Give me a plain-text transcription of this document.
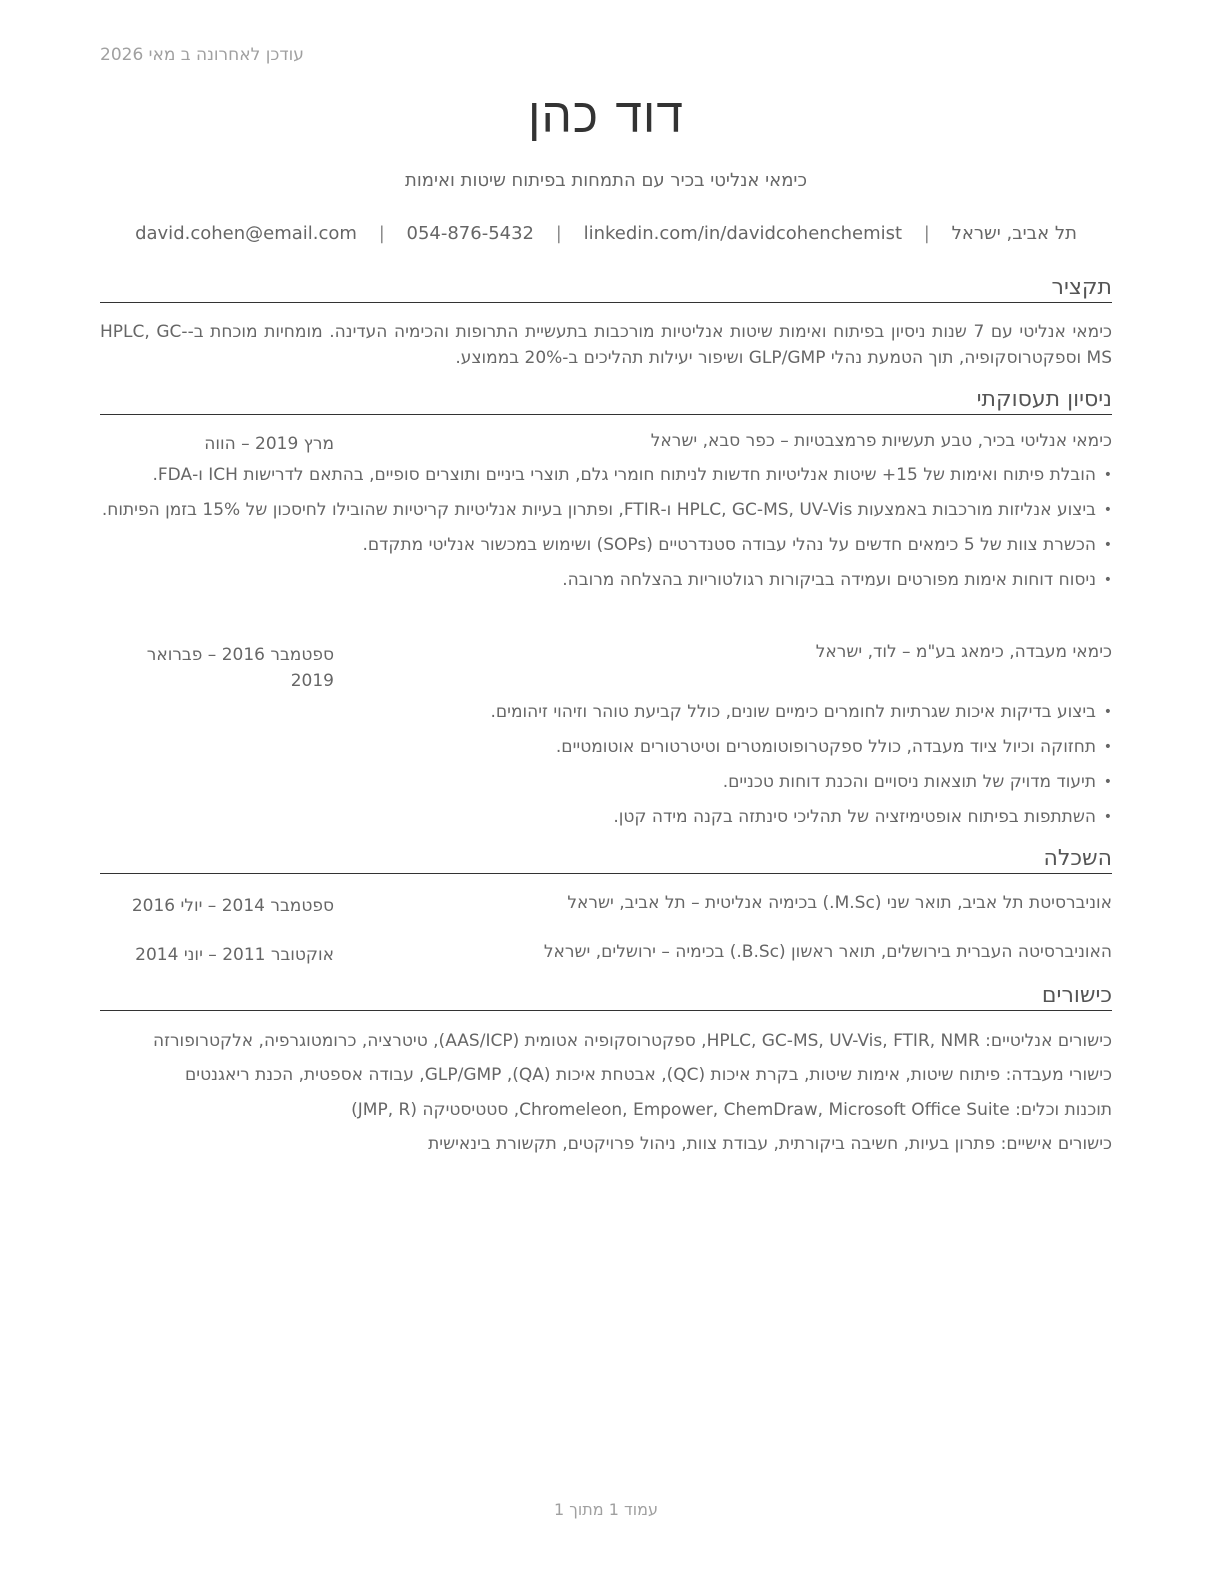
עודכן לאחרונה ב מאי 2026
דוד כהן
כימאי אנליטי בכיר עם התמחות בפיתוח שיטות ואימות
תל אביב, ישראל | david.cohen@email.com | 054-876-5432 | linkedin.com/in/davidcohenchemist
תקציר
כימאי אנליטי עם 7 שנות ניסיון בפיתוח ואימות שיטות אנליטיות מורכבות בתעשיית התרופות והכימיה העדינה. מומחיות מוכחת ב-HPLC, GC-MS וספקטרוסקופיה, תוך הטמעת נהלי GLP/GMP ושיפור יעילות תהליכים ב-20% בממוצע.
ניסיון תעסוקתי
כימאי אנליטי בכיר, טבע תעשיות פרמצבטיות – כפר סבא, ישראל
מרץ 2019 – הווה
• הובלת פיתוח ואימות של 15+ שיטות אנליטיות חדשות לניתוח חומרי גלם, תוצרי ביניים ותוצרים סופיים, בהתאם לדרישות ICH ו-FDA.
• ביצוע אנליזות מורכבות באמצעות HPLC, GC-MS, UV-Vis ו-FTIR, ופתרון בעיות אנליטיות קריטיות שהובילו לחיסכון של 15% בזמן הפיתוח.
• הכשרת צוות של 5 כימאים חדשים על נהלי עבודה סטנדרטיים (SOPs) ושימוש במכשור אנליטי מתקדם.
• ניסוח דוחות אימות מפורטים ועמידה בביקורות רגולטוריות בהצלחה מרובה.
כימאי מעבדה, כימאג בע"מ – לוד, ישראל
ספטמבר 2016 – פברואר 2019
• ביצוע בדיקות איכות שגרתיות לחומרים כימיים שונים, כולל קביעת טוהר וזיהוי זיהומים.
• תחזוקה וכיול ציוד מעבדה, כולל ספקטרופוטומטרים וטיטרטורים אוטומטיים.
• תיעוד מדויק של תוצאות ניסויים והכנת דוחות טכניים.
• השתתפות בפיתוח אופטימיזציה של תהליכי סינתזה בקנה מידה קטן.
השכלה
אוניברסיטת תל אביב, תואר שני (M.Sc.) בכימיה אנליטית – תל אביב, ישראל
ספטמבר 2014 – יולי 2016
האוניברסיטה העברית בירושלים, תואר ראשון (B.Sc.) בכימיה – ירושלים, ישראל
אוקטובר 2011 – יוני 2014
כישורים
כישורים אנליטיים: HPLC, GC-MS, UV-Vis, FTIR, NMR, ספקטרוסקופיה אטומית (AAS/ICP), טיטרציה, כרומטוגרפיה, אלקטרופורזה
כישורי מעבדה: פיתוח שיטות, אימות שיטות, בקרת איכות (QC), אבטחת איכות (QA), GLP/GMP, עבודה אספטית, הכנת ריאגנטים
תוכנות וכלים: Chromeleon, Empower, ChemDraw, Microsoft Office Suite, סטטיסטיקה (JMP, R)
כישורים אישיים: פתרון בעיות, חשיבה ביקורתית, עבודת צוות, ניהול פרויקטים, תקשורת בינאישית
עמוד 1 מתוך 1
